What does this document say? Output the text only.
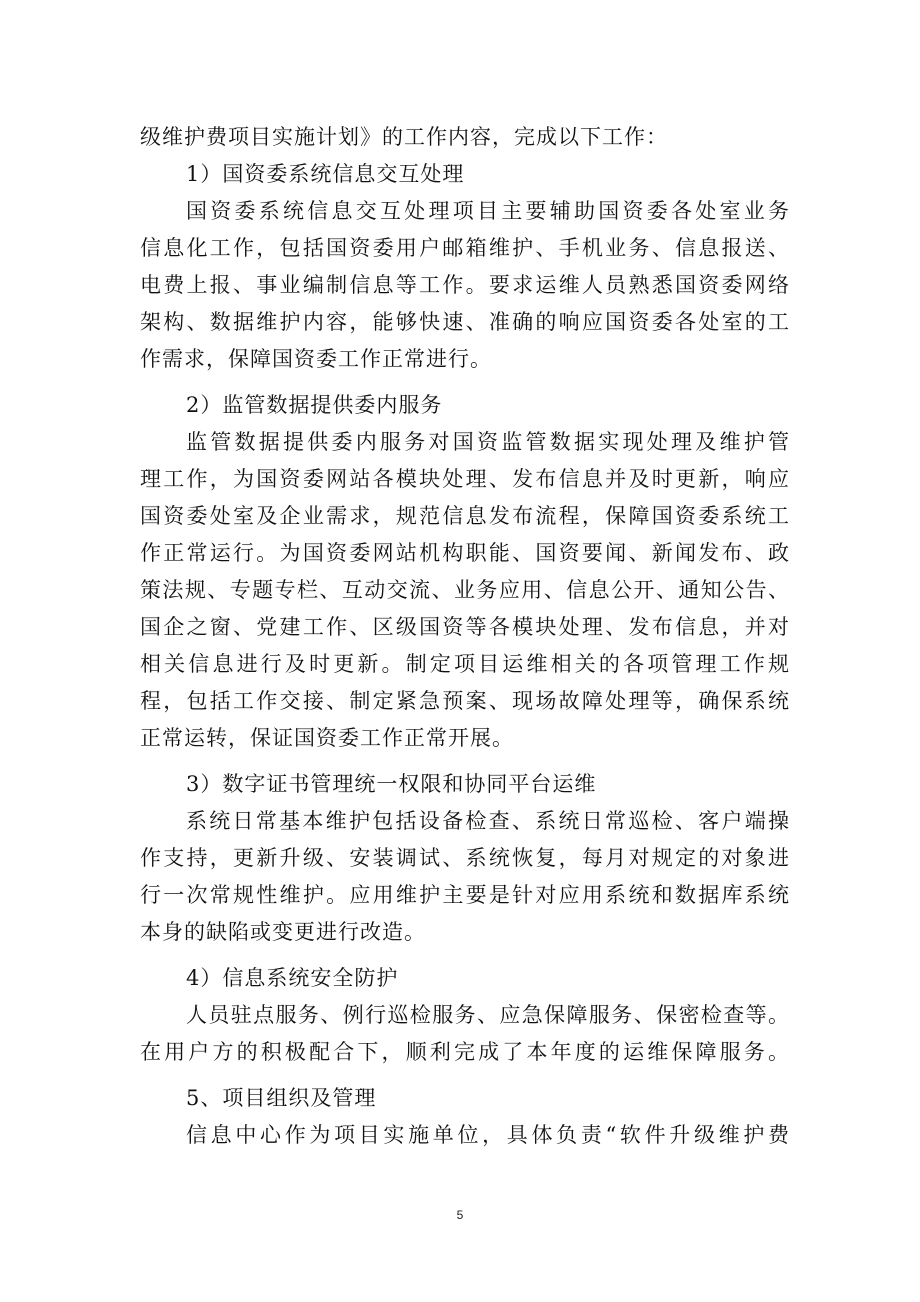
级维护费项目实施计划》的工作内容，完成以下工作：
1）国资委系统信息交互处理
国资委系统信息交互处理项目主要辅助国资委各处室业务
信息化工作，包括国资委用户邮箱维护、手机业务、信息报送、
电费上报、事业编制信息等工作。要求运维人员熟悉国资委网络
架构、数据维护内容，能够快速、准确的响应国资委各处室的工
作需求，保障国资委工作正常进行。
2）监管数据提供委内服务
监管数据提供委内服务对国资监管数据实现处理及维护管
理工作，为国资委网站各模块处理、发布信息并及时更新，响应
国资委处室及企业需求，规范信息发布流程，保障国资委系统工
作正常运行。为国资委网站机构职能、国资要闻、新闻发布、政
策法规、专题专栏、互动交流、业务应用、信息公开、通知公告、
国企之窗、党建工作、区级国资等各模块处理、发布信息，并对
相关信息进行及时更新。制定项目运维相关的各项管理工作规
程，包括工作交接、制定紧急预案、现场故障处理等，确保系统
正常运转，保证国资委工作正常开展。
3）数字证书管理统一权限和协同平台运维
系统日常基本维护包括设备检查、系统日常巡检、客户端操
作支持，更新升级、安装调试、系统恢复，每月对规定的对象进
行一次常规性维护。应用维护主要是针对应用系统和数据库系统
本身的缺陷或变更进行改造。
4）信息系统安全防护
人员驻点服务、例行巡检服务、应急保障服务、保密检查等。
在用户方的积极配合下，顺利完成了本年度的运维保障服务。
5、项目组织及管理
信息中心作为项目实施单位，具体负责“软件升级维护费
5
